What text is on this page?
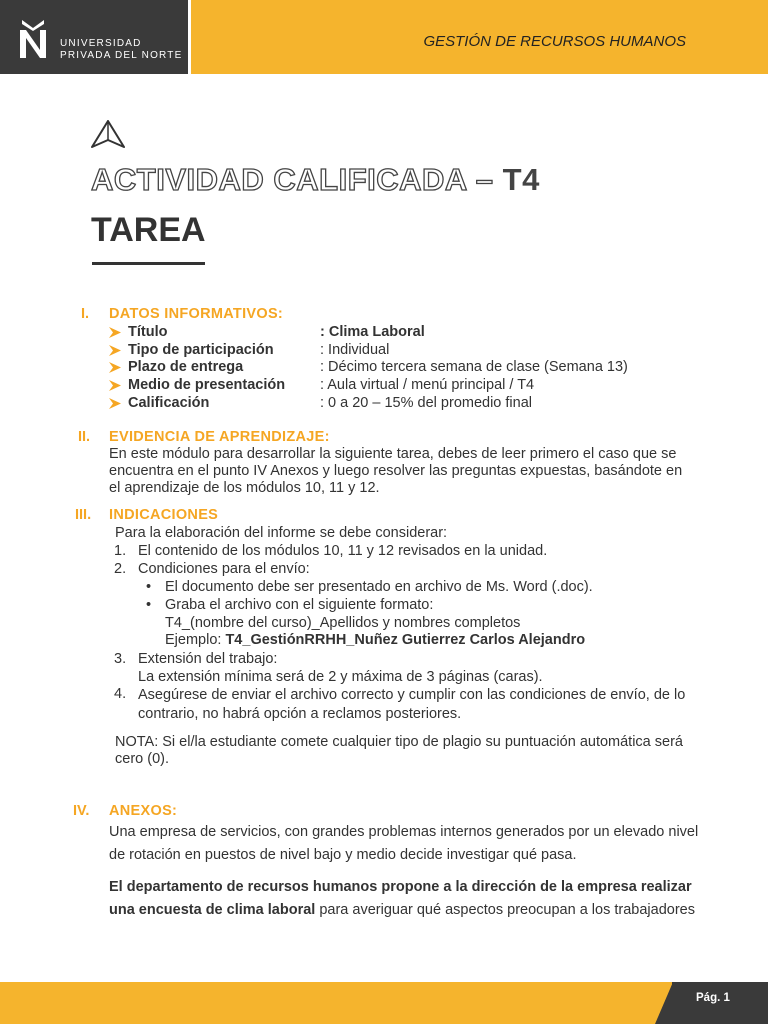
UNIVERSIDAD
PRIVADA DEL NORTE
GESTIÓN DE RECURSOS HUMANOS
ACTIVIDAD CALIFICADA – T4
TAREA
I. DATOS INFORMATIVOS:
Título	: Clima Laboral
Tipo de participación	: Individual
Plazo de entrega	: Décimo tercera semana de clase (Semana 13)
Medio de presentación : Aula virtual / menú principal / T4
Calificación	: 0 a 20 – 15% del promedio final
II. EVIDENCIA DE APRENDIZAJE:
En este módulo para desarrollar la siguiente tarea, debes de leer primero el caso que se
encuentra en el punto IV Anexos y luego resolver las preguntas expuestas, basándote en
el aprendizaje de los módulos 10, 11 y 12.
III. INDICACIONES
Para la elaboración del informe se debe considerar:
1. El contenido de los módulos 10, 11 y 12 revisados en la unidad.
2. Condiciones para el envío:
• El documento debe ser presentado en archivo de Ms. Word (.doc).
• Graba el archivo con el siguiente formato:
T4_(nombre del curso)_Apellidos y nombres completos
Ejemplo: T4_GestiónRRHH_Nuñez Gutierrez Carlos Alejandro
3. Extensión del trabajo:
La extensión mínima será de 2 y máxima de 3 páginas (caras).
4. Asegúrese de enviar el archivo correcto y cumplir con las condiciones de envío, de lo
contrario, no habrá opción a reclamos posteriores.
NOTA: Si el/la estudiante comete cualquier tipo de plagio su puntuación automática será
cero (0).
IV. ANEXOS:
Una empresa de servicios, con grandes problemas internos generados por un elevado nivel
de rotación en puestos de nivel bajo y medio decide investigar qué pasa.
El departamento de recursos humanos propone a la dirección de la empresa realizar
una encuesta de clima laboral para averiguar qué aspectos preocupan a los trabajadores
Pág. 1
